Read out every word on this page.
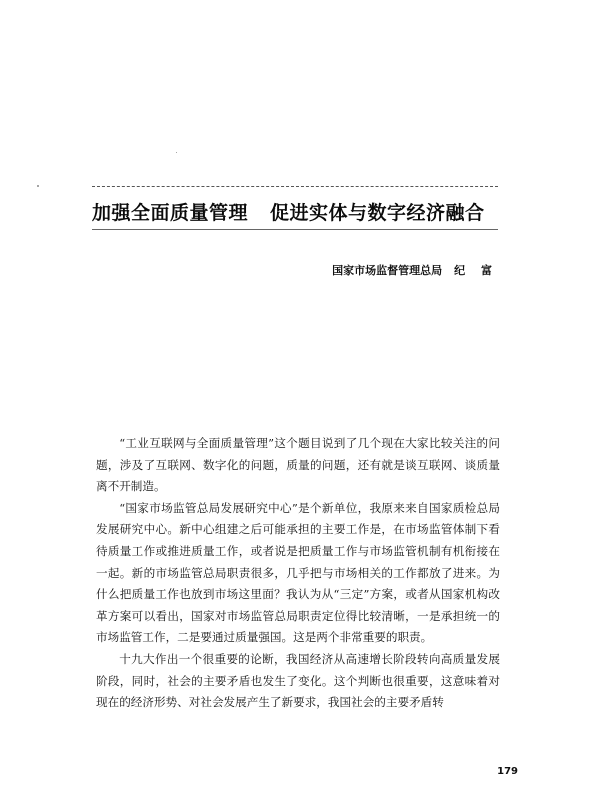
加强全面质量管理 促进实体与数字经济融合
国家市场监督管理总局 纪 富

“工业互联网与全面质量管理”这个题目说到了几个现在大家比较关注的问题，涉及了互联网、数字化的问题，质量的问题，还有就是谈互联网、谈质量离不开制造。

“国家市场监管总局发展研究中心”是个新单位，我原来来自国家质检总局发展研究中心。新中心组建之后可能承担的主要工作是，在市场监管体制下看待质量工作或推进质量工作，或者说是把质量工作与市场监管机制有机衔接在一起。新的市场监管总局职责很多，几乎把与市场相关的工作都放了进来。为什么把质量工作也放到市场这里面？我认为从“三定”方案，或者从国家机构改革方案可以看出，国家对市场监管总局职责定位得比较清晰，一是承担统一的市场监管工作，二是要通过质量强国。这是两个非常重要的职责。

十九大作出一个很重要的论断，我国经济从高速增长阶段转向高质量发展阶段，同时，社会的主要矛盾也发生了变化。这个判断也很重要，这意味着对现在的经济形势、对社会发展产生了新要求，我国社会的主要矛盾转

179
